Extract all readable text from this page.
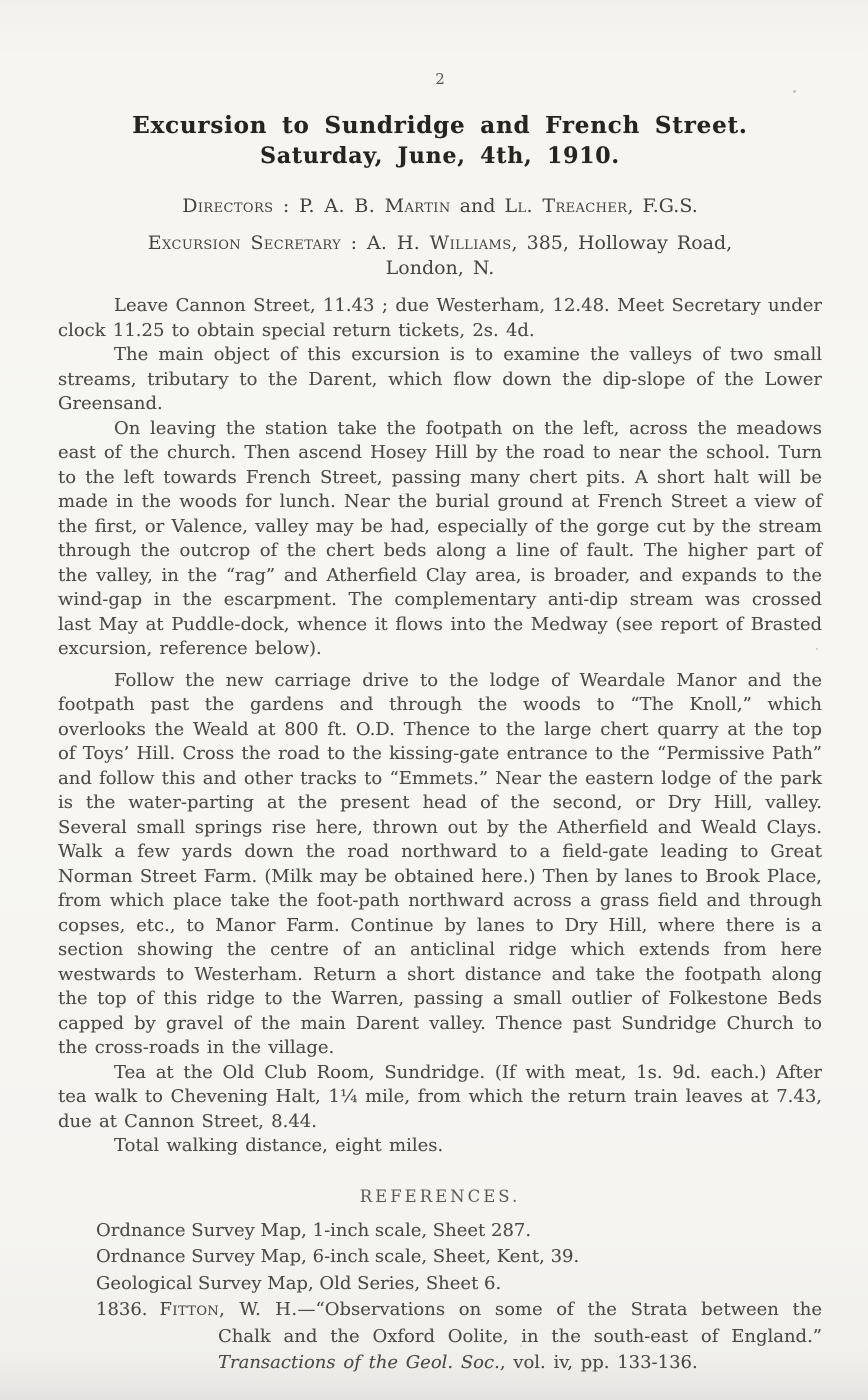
2
Excursion to Sundridge and French Street.
Saturday, June, 4th, 1910.
Directors : P. A. B. Martin and Ll. Treacher, F.G.S.
Excursion Secretary : A. H. Williams, 385, Holloway Road,
London, N.

Leave Cannon Street, 11.43 ; due Westerham, 12.48. Meet Secretary under clock 11.25 to obtain special return tickets, 2s. 4d.

The main object of this excursion is to examine the valleys of two small streams, tributary to the Darent, which flow down the dip-slope of the Lower Greensand.

On leaving the station take the footpath on the left, across the meadows east of the church. Then ascend Hosey Hill by the road to near the school. Turn to the left towards French Street, passing many chert pits. A short halt will be made in the woods for lunch. Near the burial ground at French Street a view of the first, or Valence, valley may be had, especially of the gorge cut by the stream through the outcrop of the chert beds along a line of fault. The higher part of the valley, in the “rag” and Atherfield Clay area, is broader, and expands to the wind-gap in the escarpment. The complementary anti-dip stream was crossed last May at Puddle-dock, whence it flows into the Medway (see report of Brasted excursion, reference below).

Follow the new carriage drive to the lodge of Weardale Manor and the footpath past the gardens and through the woods to “The Knoll,” which overlooks the Weald at 800 ft. O.D. Thence to the large chert quarry at the top of Toys’ Hill. Cross the road to the kissing-gate entrance to the “Permissive Path” and follow this and other tracks to “Emmets.” Near the eastern lodge of the park is the water-parting at the present head of the second, or Dry Hill, valley. Several small springs rise here, thrown out by the Atherfield and Weald Clays. Walk a few yards down the road northward to a field-gate leading to Great Norman Street Farm. (Milk may be obtained here.) Then by lanes to Brook Place, from which place take the foot-path northward across a grass field and through copses, etc., to Manor Farm. Continue by lanes to Dry Hill, where there is a section showing the centre of an anticlinal ridge which extends from here westwards to Westerham. Return a short distance and take the footpath along the top of this ridge to the Warren, passing a small outlier of Folkestone Beds capped by gravel of the main Darent valley. Thence past Sundridge Church to the cross-roads in the village.

Tea at the Old Club Room, Sundridge. (If with meat, 1s. 9d. each.) After tea walk to Chevening Halt, 1¼ mile, from which the return train leaves at 7.43, due at Cannon Street, 8.44.

Total walking distance, eight miles.

REFERENCES.

Ordnance Survey Map, 1-inch scale, Sheet 287.

Ordnance Survey Map, 6-inch scale, Sheet, Kent, 39.

Geological Survey Map, Old Series, Sheet 6.

1836. Fitton, W. H.—“Observations on some of the Strata between the Chalk and the Oxford Oolite, in the south-east of England.” Transactions of the Geol. Soc., vol. iv, pp. 133-136.
